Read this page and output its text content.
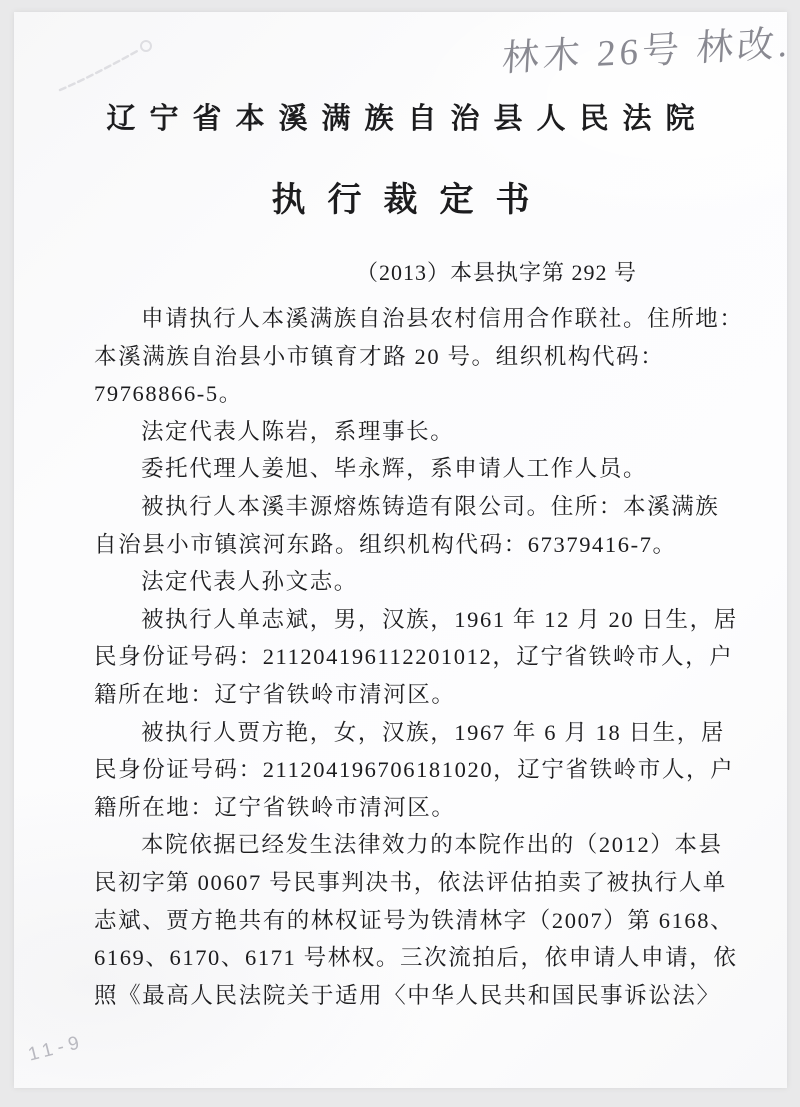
林木 26号 林改.
辽宁省本溪满族自治县人民法院
执行裁定书
（2013）本县执字第 292 号
申请执行人本溪满族自治县农村信用合作联社。住所地：
本溪满族自治县小市镇育才路 20 号。组织机构代码：
79768866-5。
法定代表人陈岩，系理事长。
委托代理人姜旭、毕永辉，系申请人工作人员。
被执行人本溪丰源熔炼铸造有限公司。住所：本溪满族
自治县小市镇滨河东路。组织机构代码：67379416-7。
法定代表人孙文志。
被执行人单志斌，男，汉族，1961 年 12 月 20 日生，居
民身份证号码：211204196112201012，辽宁省铁岭市人，户
籍所在地：辽宁省铁岭市清河区。
被执行人贾方艳，女，汉族，1967 年 6 月 18 日生，居
民身份证号码：211204196706181020，辽宁省铁岭市人，户
籍所在地：辽宁省铁岭市清河区。
本院依据已经发生法律效力的本院作出的（2012）本县
民初字第 00607 号民事判决书，依法评估拍卖了被执行人单
志斌、贾方艳共有的林权证号为铁清林字（2007）第 6168、
6169、6170、6171 号林权。三次流拍后，依申请人申请，依
照《最高人民法院关于适用〈中华人民共和国民事诉讼法〉
11-9
